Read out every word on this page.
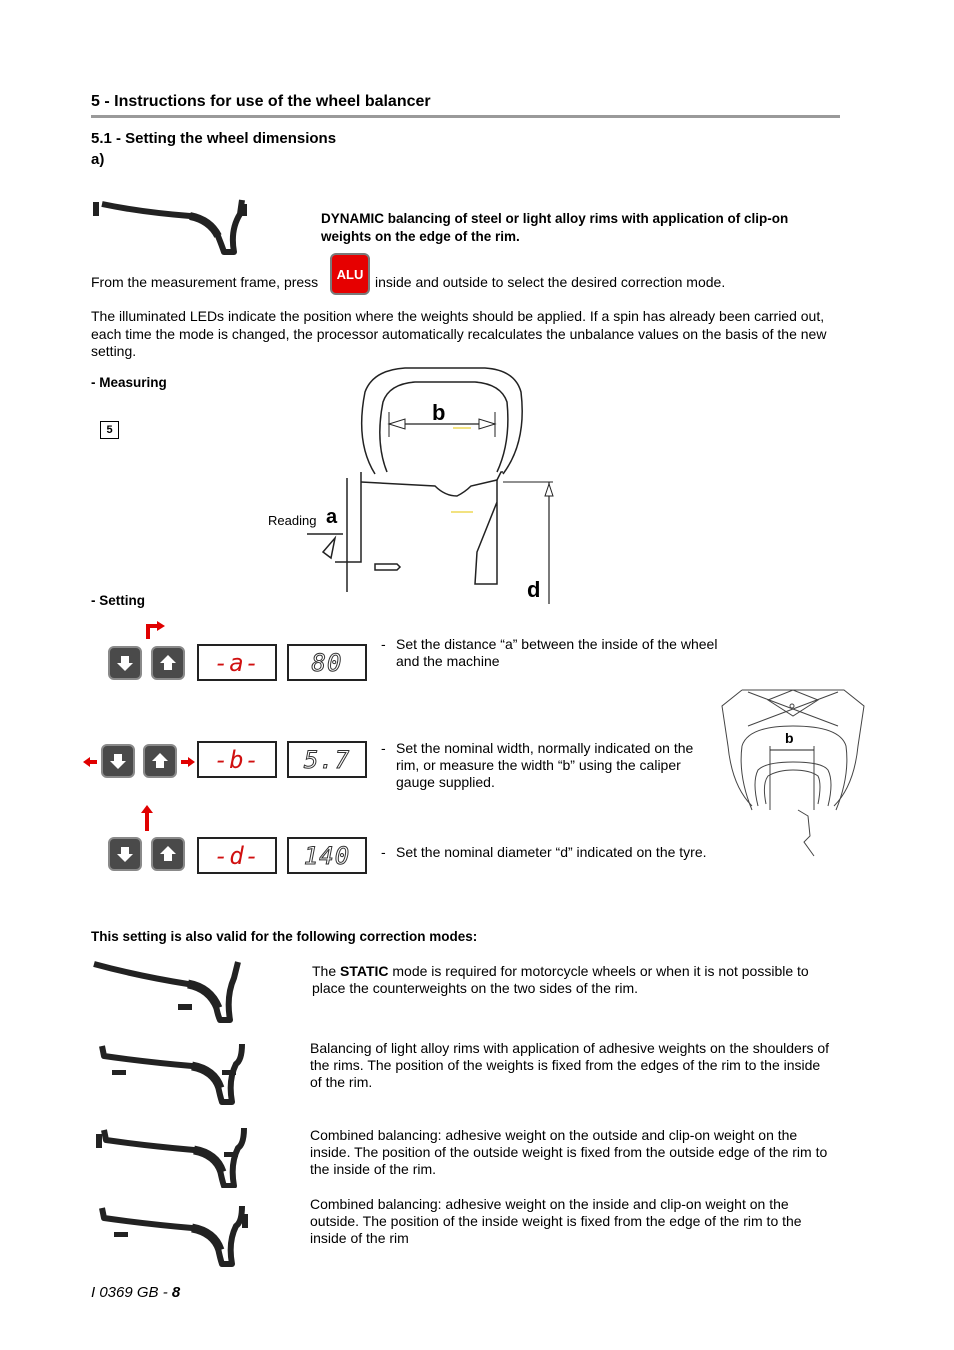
5 - Instructions for use of the wheel balancer
5.1 - Setting the wheel dimensions
a)
DYNAMIC balancing of steel or light alloy rims with application of clip-on weights on the edge of the rim.
From the measurement frame, press	ALU inside and outside to select the desired correction mode.
The illuminated LEDs indicate the position where the weights should be applied. If a spin has already been carried out, each time the mode is changed, the processor automatically recalculates the unbalance values on the basis of the new setting.
- Measuring
5
b
Reading a
d
- Setting
-a- 80
- Set the distance “a” between the inside of the wheel and the machine
-b- 5.7 - Set the nominal width, normally indicated on the rim, or measure the width “b” using the caliper gauge supplied.
b
-d- 140 - Set the nominal diameter “d” indicated on the tyre.
This setting is also valid for the following correction modes:
The STATIC mode is required for motorcycle wheels or when it is not possible to place the counterweights on the two sides of the rim.
Balancing of light alloy rims with application of adhesive weights on the shoulders of the rims. The position of the weights is fixed from the edges of the rim to the inside of the rim.
Combined balancing: adhesive weight on the outside and clip-on weight on the inside. The position of the outside weight is fixed from the outside edge of the rim to the inside of the rim.
Combined balancing: adhesive weight on the inside and clip-on weight on the outside. The position of the inside weight is fixed from the edge of the rim to the inside of the rim
I 0369 GB - 8
